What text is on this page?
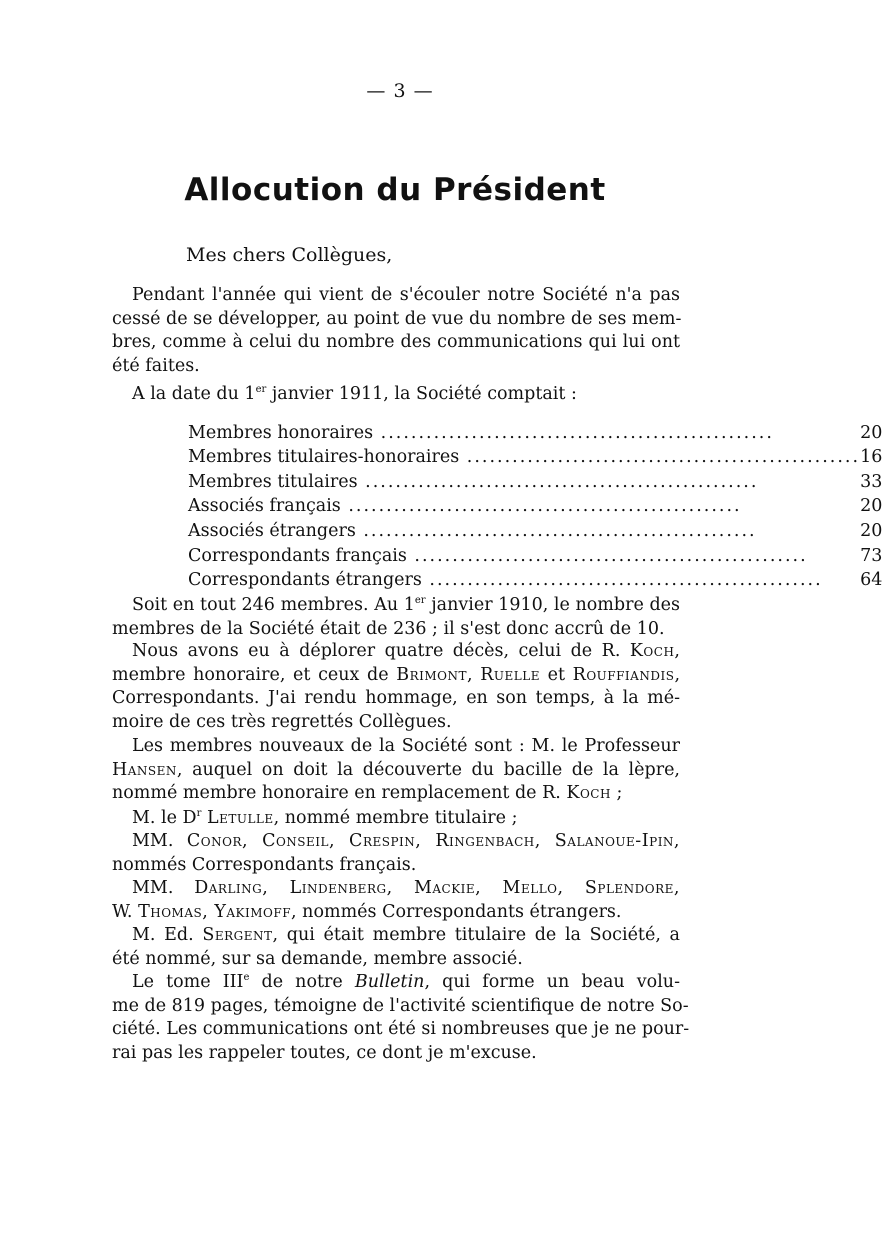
— 3 —
Allocution du Président
Mes chers Collègues,
Pendant l'année qui vient de s'écouler notre Société n'a pas
cessé de se développer, au point de vue du nombre de ses mem-
bres, comme à celui du nombre des communications qui lui ont
été faites.
A la date du 1er janvier 1911, la Société comptait :
Membres honoraires .....	20
Membres titulaires-honoraires .....	16
Membres titulaires .....	33
Associés français .....	20
Associés étrangers .....	20
Correspondants français .....	73
Correspondants étrangers .....	64
Soit en tout 246 membres. Au 1er janvier 1910, le nombre des
membres de la Société était de 236 ; il s'est donc accrû de 10.
Nous avons eu à déplorer quatre décès, celui de R. Koch,
membre honoraire, et ceux de Brimont, Ruelle et Rouffiandis,
Correspondants. J'ai rendu hommage, en son temps, à la mé-
moire de ces très regrettés Collègues.
Les membres nouveaux de la Société sont : M. le Professeur
Hansen, auquel on doit la découverte du bacille de la lèpre,
nommé membre honoraire en remplacement de R. Koch ;
M. le $D^r$ Letulle, nommé membre titulaire ;
MM. Conor, Conseil, Crespin, Ringenbach, Salanoue-Ipin,
nommés Correspondants français.
MM. Darling, Lindenberg, Mackie, Mello, Splendore,
W. Thomas, Yakimoff, nommés Correspondants étrangers.
M. Ed. Sergent, qui était membre titulaire de la Société, a
été nommé, sur sa demande, membre associé.
Le tome IIIe de notre Bulletin, qui forme un beau volu-
me de 819 pages, témoigne de l'activité scientifique de notre So-
ciété. Les communications ont été si nombreuses que je ne pour-
rai pas les rappeler toutes, ce dont je m'excuse.
